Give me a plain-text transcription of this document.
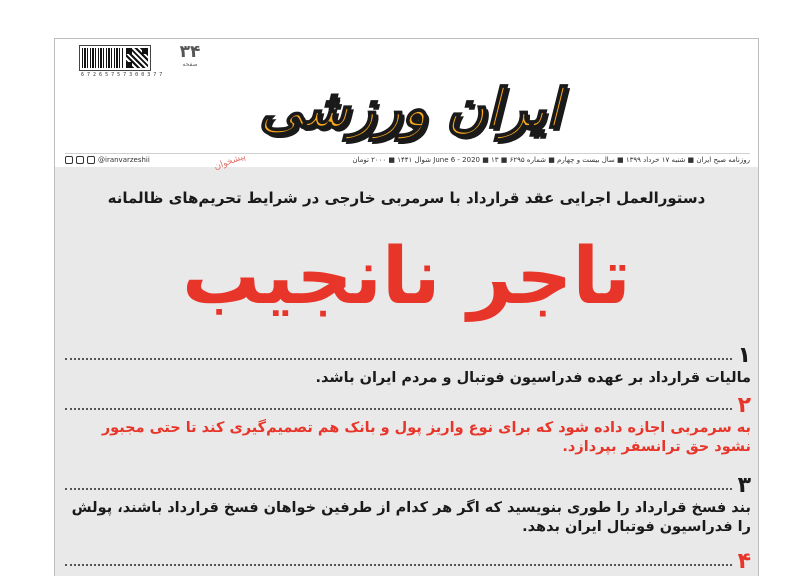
6 7 2 6 5 7 5 7 3 0 0 3 7 7
۳۴
صفحه
ایران ورزشی
@iranvarzeshii	روزنامه صبح ایران ■ شنبه ۱۷ خرداد ۱۳۹۹ ■ سال بیست و چهارم ■ شماره ۶۲۹۵ ■ June 6 - 2020 ■ ۱۳ شوال ۱۴۴۱ ■ ۲۰۰۰ تومان
پیشخوان
دستورالعمل اجرایی عقد قرارداد با سرمربی خارجی در شرایط تحریم‌های ظالمانه
تاجر نانجیب
۱
مالیات قرارداد بر عهده فدراسیون فوتبال و مردم ایران باشد.
۲
به سرمربی اجازه داده شود که برای نوع واریز پول و بانک هم تصمیم‌گیری کند تا حتی مجبور نشود حق ترانسفر بپردازد.
۳
بند فسخ قرارداد را طوری بنویسید که اگر هر کدام از طرفین خواهان فسخ قرارداد باشند، پولش را فدراسیون فوتبال ایران بدهد.
۴
